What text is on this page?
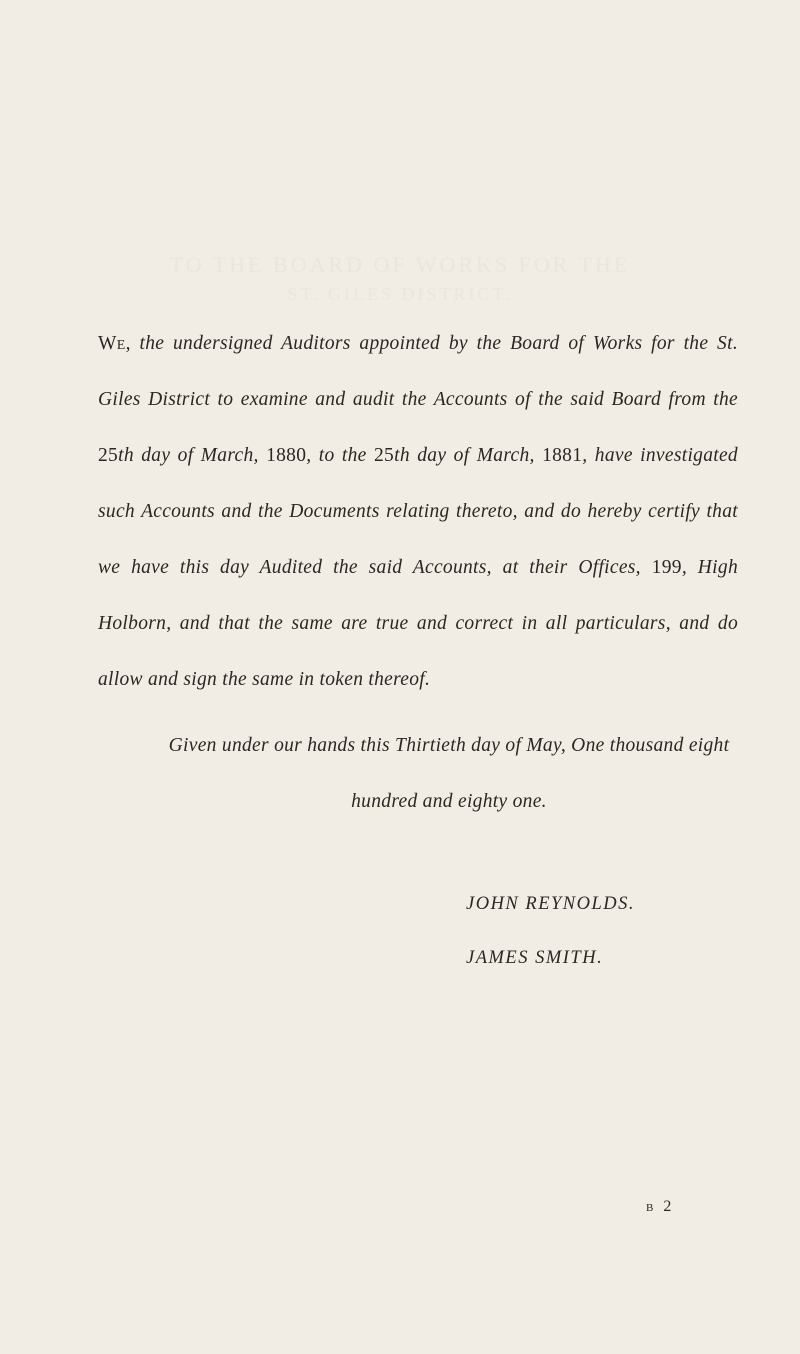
TO THE BOARD OF WORKS FOR THE
ST. GILES DISTRICT.

We, the undersigned Auditors appointed by the Board of Works for the St. Giles District to examine and audit the Accounts of the said Board from the 25th day of March, 1880, to the 25th day of March, 1881, have investigated such Accounts and the Documents relating thereto, and do hereby certify that we have this day Audited the said Accounts, at their Offices, 199, High Holborn, and that the same are true and correct in all particulars, and do allow and sign the same in token thereof.

Given under our hands this Thirtieth day of May, One thousand eight hundred and eighty one.

JOHN REYNOLDS.

JAMES SMITH.

B 2
